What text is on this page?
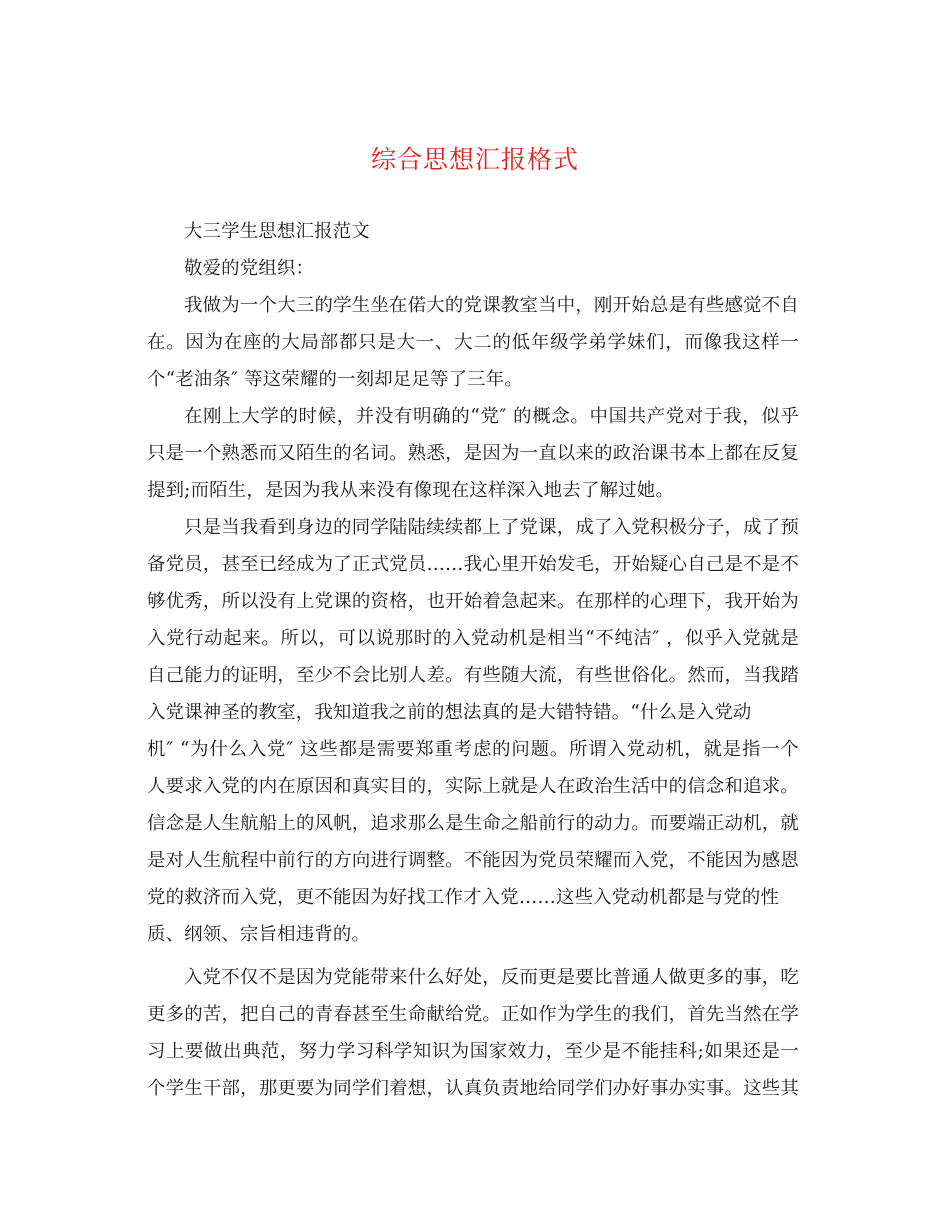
综合思想汇报格式
大三学生思想汇报范文
敬爱的党组织：
我做为一个大三的学生坐在偌大的党课教室当中，刚开始总是有些感觉不自
在。因为在座的大局部都只是大一、大二的低年级学弟学妹们，而像我这样一
个“老油条″ 等这荣耀的一刻却足足等了三年。
在刚上大学的时候，并没有明确的“党″ 的概念。中国共产党对于我，似乎
只是一个熟悉而又陌生的名词。熟悉，是因为一直以来的政治课书本上都在反复
提到;而陌生，是因为我从来没有像现在这样深入地去了解过她。
只是当我看到身边的同学陆陆续续都上了党课，成了入党积极分子，成了预
备党员，甚至已经成为了正式党员……我心里开始发毛，开始疑心自己是不是不
够优秀，所以没有上党课的资格，也开始着急起来。在那样的心理下，我开始为
入党行动起来。所以，可以说那时的入党动机是相当“不纯洁″ ，似乎入党就是
自己能力的证明，至少不会比别人差。有些随大流，有些世俗化。然而，当我踏
入党课神圣的教室，我知道我之前的想法真的是大错特错。“什么是入党动
机″ “为什么入党″ 这些都是需要郑重考虑的问题。所谓入党动机，就是指一个
人要求入党的内在原因和真实目的，实际上就是人在政治生活中的信念和追求。
信念是人生航船上的风帆，追求那么是生命之船前行的动力。而要端正动机，就
是对人生航程中前行的方向进行调整。不能因为党员荣耀而入党，不能因为感恩
党的救济而入党，更不能因为好找工作才入党……这些入党动机都是与党的性
质、纲领、宗旨相违背的。
入党不仅不是因为党能带来什么好处，反而更是要比普通人做更多的事，吃
更多的苦，把自己的青春甚至生命献给党。正如作为学生的我们，首先当然在学
习上要做出典范，努力学习科学知识为国家效力，至少是不能挂科;如果还是一
个学生干部，那更要为同学们着想，认真负责地给同学们办好事办实事。这些其
